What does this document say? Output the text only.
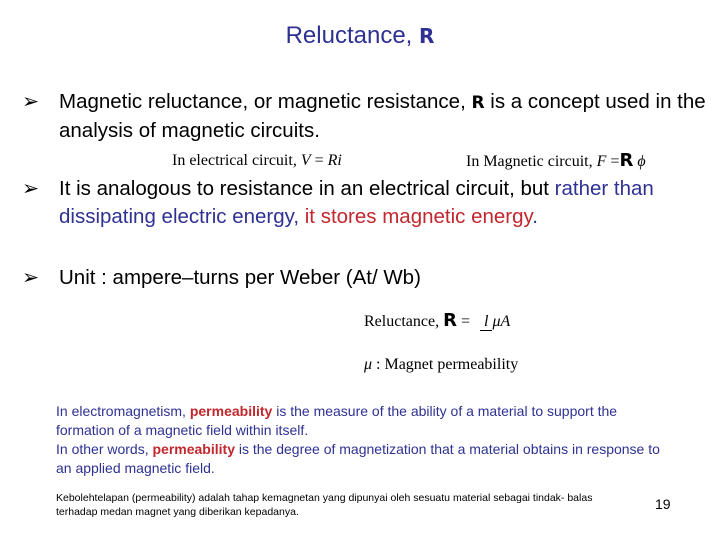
Reluctance, R
➢ Magnetic reluctance, or magnetic resistance, R is a concept used in the analysis of magnetic circuits.
In electrical circuit, V = Ri	In Magnetic circuit, F =R ϕ
➢ It is analogous to resistance in an electrical circuit, but rather than dissipating electric energy, it stores magnetic energy.
➢ Unit : ampere–turns per Weber (At/ Wb)
Reluctance, R = l μA
μ : Magnet permeability
In electromagnetism, permeability is the measure of the ability of a material to support the formation of a magnetic field within itself.
In other words, permeability is the degree of magnetization that a material obtains in response to an applied magnetic field.
Kebolehtelapan (permeability) adalah tahap kemagnetan yang dipunyai oleh sesuatu material sebagai tindak- balas terhadap medan magnet yang diberikan kepadanya.	19
